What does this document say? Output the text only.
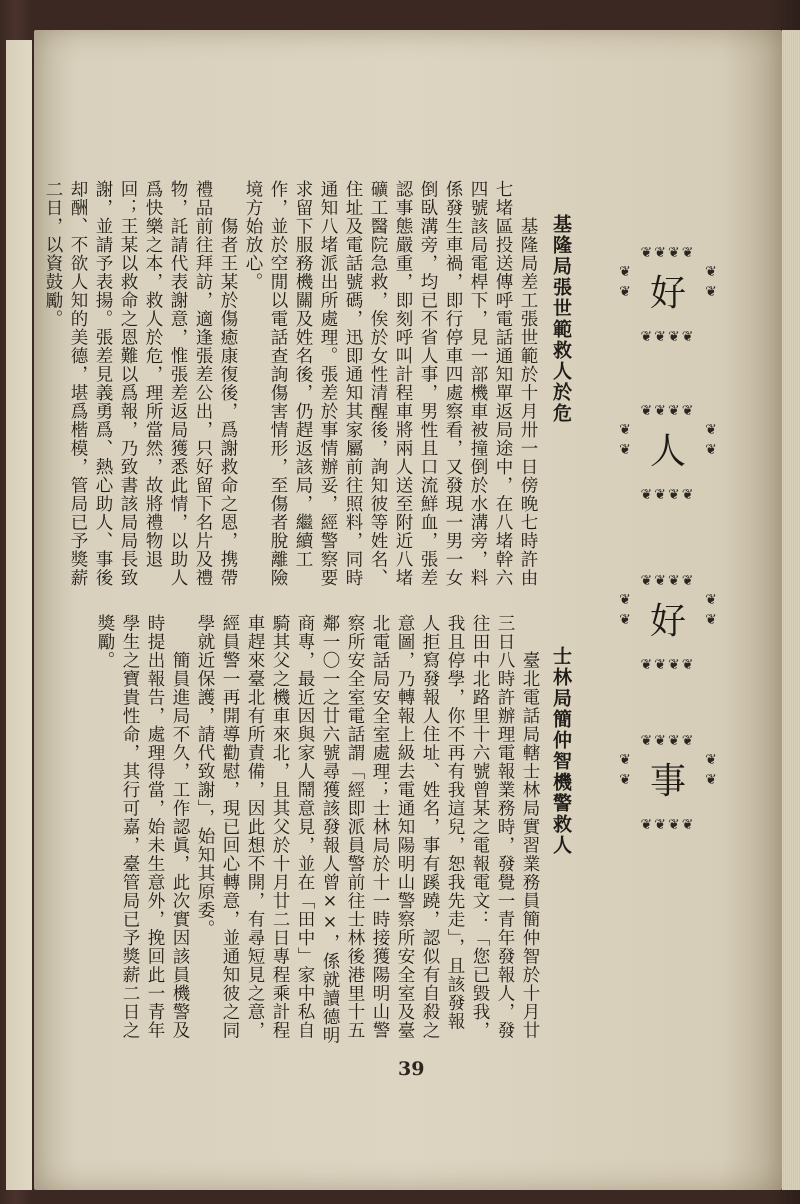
❦❦❦❦
❦❦	❦❦
❦❦❦❦
好
❦❦❦❦
❦❦	❦❦
❦❦❦❦
人
❦❦❦❦
❦❦	❦❦
❦❦❦❦
好
❦❦❦❦
❦❦	❦❦
❦❦❦❦
事
基隆局張世範救人於危

　　基隆局差工張世範於十月卅一日傍晚七時許由七堵區投送傳呼電話通知單返局途中，在八堵幹六四號該局電桿下，見一部機車被撞倒於水溝旁，料係發生車禍，即行停車四處察看，又發現一男一女倒臥溝旁，均已不省人事，男性且口流鮮血，張差認事態嚴重，即刻呼叫計程車將兩人送至附近八堵礦工醫院急救，俟於女性清醒後，詢知彼等姓名、住址及電話號碼，迅即通知其家屬前往照料，同時通知八堵派出所處理。張差於事情辦妥，經警察要求留下服務機關及姓名後，仍趕返該局，繼續工作，並於空閒以電話查詢傷害情形，至傷者脫離險境方始放心。

　　傷者王某於傷癒康復後，爲謝救命之恩，携帶禮品前往拜訪，適逢張差公出，只好留下名片及禮物，託請代表謝意，惟張差返局獲悉此情，以助人爲快樂之本，救人於危，理所當然，故將禮物退回；王某以救命之恩難以爲報，乃致書該局局長致謝，並請予表揚。張差見義勇爲、熱心助人、事後却酬、不欲人知的美德，堪爲楷模，管局已予獎薪二日，以資鼓勵。

士林局簡仲智機警救人

　　臺北電話局轄士林局實習業務員簡仲智於十月廿三日八時許辦理電報業務時，發覺一青年發報人，發往田中北路里十六號曾某之電報電文：「您已毀我，我且停學，你不再有我這兒，恕我先走」，且該發報人拒寫發報人住址、姓名，事有蹊蹺，認似有自殺之意圖，乃轉報上級去電通知陽明山警察所安全室及臺北電話局安全室處理；士林局於十一時接獲陽明山警察所安全室電話謂「經即派員警前往士林後港里十五鄰一〇一之廿六號尋獲該發報人曾××，係就讀德明商專，最近因與家人鬧意見，並在「田中」家中私自騎其父之機車來北，且其父於十月廿二日專程乘計程車趕來臺北有所責備，因此想不開，有尋短見之意，經員警一再開導勸慰，現已回心轉意，並通知彼之同學就近保護，請代致謝」，始知其原委。

　　簡員進局不久，工作認眞，此次實因該員機警及時提出報告，處理得當，始未生意外，挽回此一青年學生之寶貴性命，其行可嘉，臺管局已予獎薪二日之獎勵。

39
